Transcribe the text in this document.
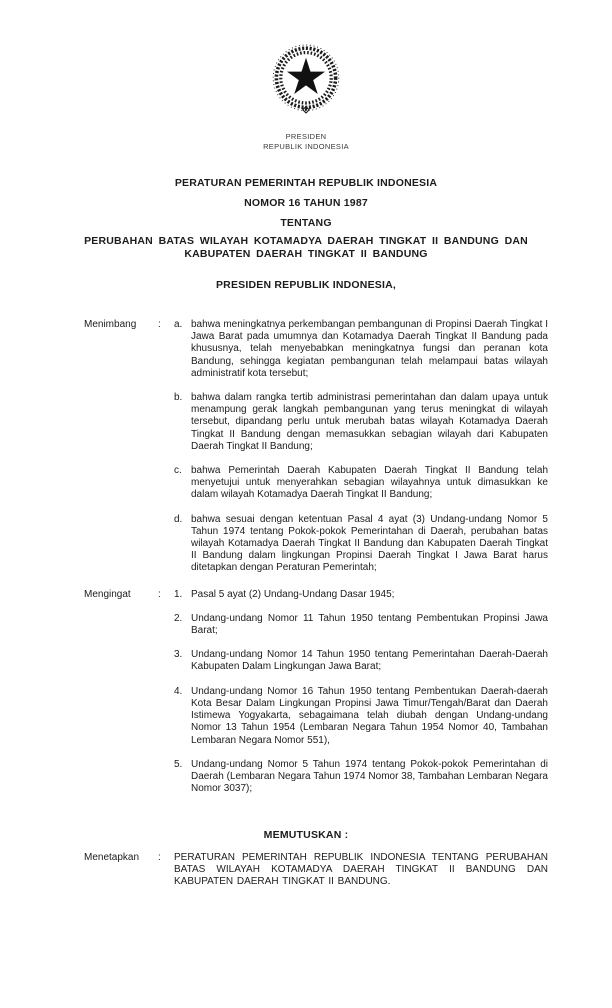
PRESIDEN
REPUBLIK INDONESIA

PERATURAN PEMERINTAH REPUBLIK INDONESIA

NOMOR 16 TAHUN 1987

TENTANG

PERUBAHAN BATAS WILAYAH KOTAMADYA DAERAH TINGKAT II BANDUNG DAN KABUPATEN DAERAH TINGKAT II BANDUNG

PRESIDEN REPUBLIK INDONESIA,

Menimbang	:	a. bahwa meningkatnya perkembangan pembangunan di Propinsi Daerah Tingkat I Jawa Barat pada umumnya dan Kotamadya Daerah Tingkat II Bandung pada khususnya, telah menyebabkan meningkatnya fungsi dan peranan kota Bandung, sehingga kegiatan pembangunan telah melampaui batas wilayah administratif kota tersebut;

b. bahwa dalam rangka tertib administrasi pemerintahan dan dalam upaya untuk menampung gerak langkah pembangunan yang terus meningkat di wilayah tersebut, dipandang perlu untuk merubah batas wilayah Kotamadya Daerah Tingkat II Bandung dengan memasukkan sebagian wilayah dari Kabupaten Daerah Tingkat II Bandung;

c. bahwa Pemerintah Daerah Kabupaten Daerah Tingkat II Bandung telah menyetujui untuk menyerahkan sebagian wilayahnya untuk dimasukkan ke dalam wilayah Kotamadya Daerah Tingkat II Bandung;

d. bahwa sesuai dengan ketentuan Pasal 4 ayat (3) Undang-undang Nomor 5 Tahun 1974 tentang Pokok-pokok Pemerintahan di Daerah, perubahan batas wilayah Kotamadya Daerah Tingkat II Bandung dan Kabupaten Daerah Tingkat II Bandung dalam lingkungan Propinsi Daerah Tingkat I Jawa Barat harus ditetapkan dengan Peraturan Pemerintah;

Mengingat	:	1. Pasal 5 ayat (2) Undang-Undang Dasar 1945;

2. Undang-undang Nomor 11 Tahun 1950 tentang Pembentukan Propinsi Jawa Barat;

3. Undang-undang Nomor 14 Tahun 1950 tentang Pemerintahan Daerah-Daerah Kabupaten Dalam Lingkungan Jawa Barat;

4. Undang-undang Nomor 16 Tahun 1950 tentang Pembentukan Daerah-daerah Kota Besar Dalam Lingkungan Propinsi Jawa Timur/Tengah/Barat dan Daerah Istimewa Yogyakarta, sebagaimana telah diubah dengan Undang-undang Nomor 13 Tahun 1954 (Lembaran Negara Tahun 1954 Nomor 40, Tambahan Lembaran Negara Nomor 551),

5. Undang-undang Nomor 5 Tahun 1974 tentang Pokok-pokok Pemerintahan di Daerah (Lembaran Negara Tahun 1974 Nomor 38, Tambahan Lembaran Negara Nomor 3037);

MEMUTUSKAN :

Menetapkan	:	PERATURAN PEMERINTAH REPUBLIK INDONESIA TENTANG PERUBAHAN BATAS WILAYAH KOTAMADYA DAERAH TINGKAT II BANDUNG DAN KABUPATEN DAERAH TINGKAT II BANDUNG.
